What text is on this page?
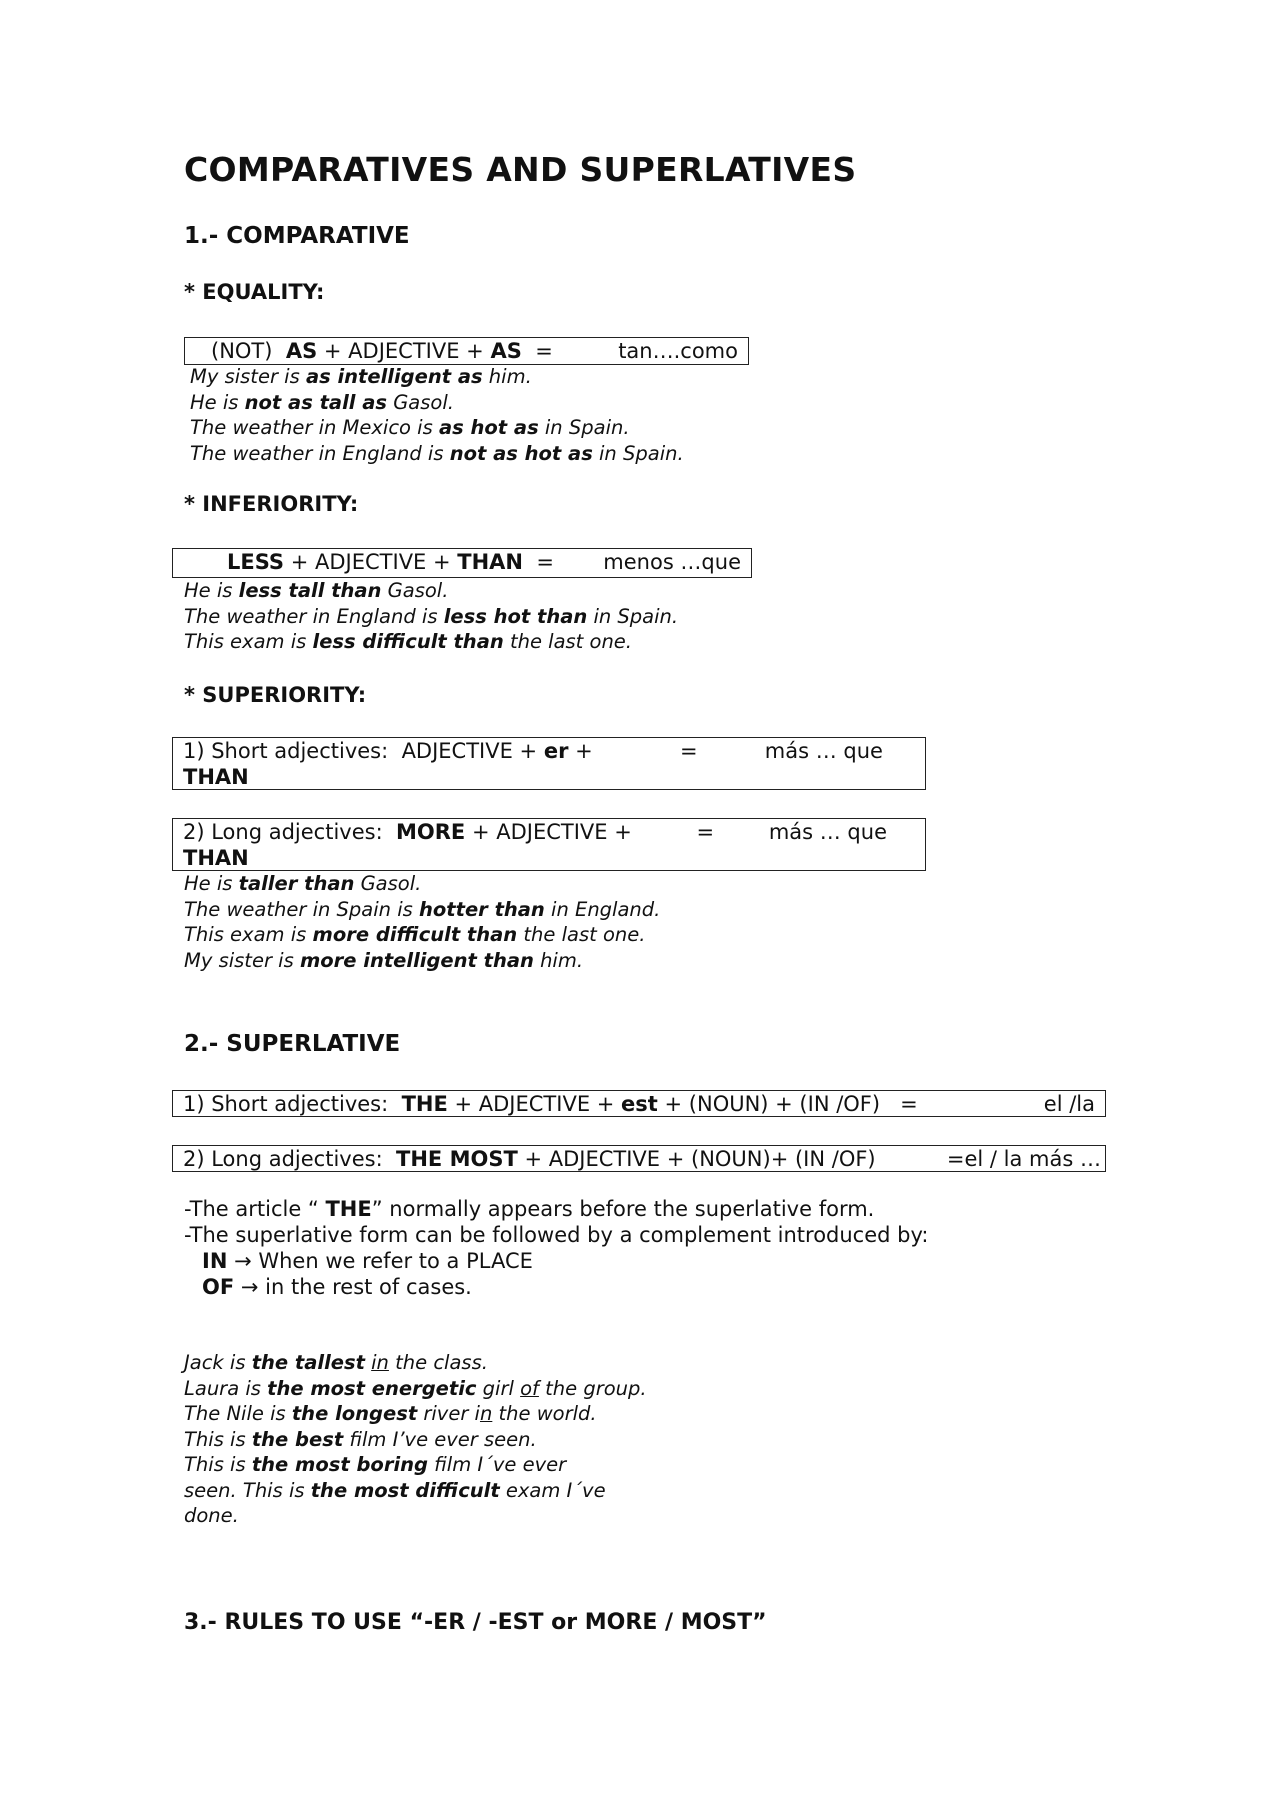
COMPARATIVES AND SUPERLATIVES
1.- COMPARATIVE
* EQUALITY:
(NOT) AS + ADJECTIVE + AS =	tan….como
My sister is as intelligent as him.
He is not as tall as Gasol.
The weather in Mexico is as hot as in Spain.
The weather in England is not as hot as in Spain.
* INFERIORITY:
LESS + ADJECTIVE + THAN = menos …que
He is less tall than Gasol.
The weather in England is less hot than in Spain.
This exam is less difficult than the last one.
* SUPERIORITY:
1) Short adjectives: ADJECTIVE + er +	=	más … que
THAN
2) Long adjectives: MORE + ADJECTIVE +	=	más … que
THAN
He is taller than Gasol.
The weather in Spain is hotter than in England.
This exam is more difficult than the last one.
My sister is more intelligent than him.
2.- SUPERLATIVE
1) Short adjectives: THE + ADJECTIVE + est + (NOUN) + (IN /OF) =	el /la
2) Long adjectives: THE MOST + ADJECTIVE + (NOUN)+ (IN /OF)	=el / la más …
-The article “ THE” normally appears before the superlative form.
-The superlative form can be followed by a complement introduced by:
IN → When we refer to a PLACE
OF → in the rest of cases.
Jack is the tallest in the class.
Laura is the most energetic girl of the group.
The Nile is the longest river in the world.
This is the best film I’ve ever seen.
This is the most boring film I´ve ever
seen. This is the most difficult exam I´ve
done.
3.- RULES TO USE “-ER / -EST or MORE / MOST”
